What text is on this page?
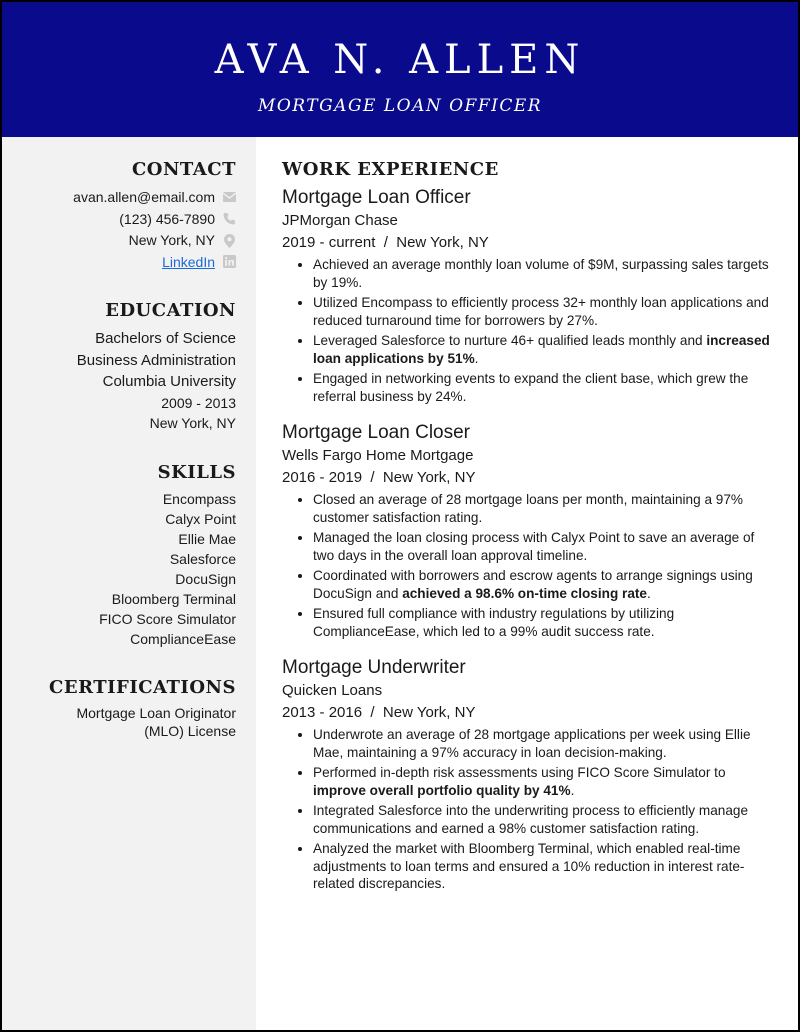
AVA N. ALLEN
MORTGAGE LOAN OFFICER
CONTACT
avan.allen@email.com
(123) 456-7890
New York, NY
LinkedIn
EDUCATION
Bachelors of Science
Business Administration
Columbia University
2009 - 2013
New York, NY
SKILLS
Encompass
Calyx Point
Ellie Mae
Salesforce
DocuSign
Bloomberg Terminal
FICO Score Simulator
ComplianceEase
CERTIFICATIONS
Mortgage Loan Originator
(MLO) License
WORK EXPERIENCE
Mortgage Loan Officer
JPMorgan Chase
2019 - current  /  New York, NY
• Achieved an average monthly loan volume of $9M, surpassing sales targets by 19%.
• Utilized Encompass to efficiently process 32+ monthly loan applications and reduced turnaround time for borrowers by 27%.
• Leveraged Salesforce to nurture 46+ qualified leads monthly and increased loan applications by 51%.
• Engaged in networking events to expand the client base, which grew the referral business by 24%.
Mortgage Loan Closer
Wells Fargo Home Mortgage
2016 - 2019  /  New York, NY
• Closed an average of 28 mortgage loans per month, maintaining a 97% customer satisfaction rating.
• Managed the loan closing process with Calyx Point to save an average of two days in the overall loan approval timeline.
• Coordinated with borrowers and escrow agents to arrange signings using DocuSign and achieved a 98.6% on-time closing rate.
• Ensured full compliance with industry regulations by utilizing ComplianceEase, which led to a 99% audit success rate.
Mortgage Underwriter
Quicken Loans
2013 - 2016  /  New York, NY
• Underwrote an average of 28 mortgage applications per week using Ellie Mae, maintaining a 97% accuracy in loan decision-making.
• Performed in-depth risk assessments using FICO Score Simulator to improve overall portfolio quality by 41%.
• Integrated Salesforce into the underwriting process to efficiently manage communications and earned a 98% customer satisfaction rating.
• Analyzed the market with Bloomberg Terminal, which enabled real-time adjustments to loan terms and ensured a 10% reduction in interest rate-related discrepancies.
